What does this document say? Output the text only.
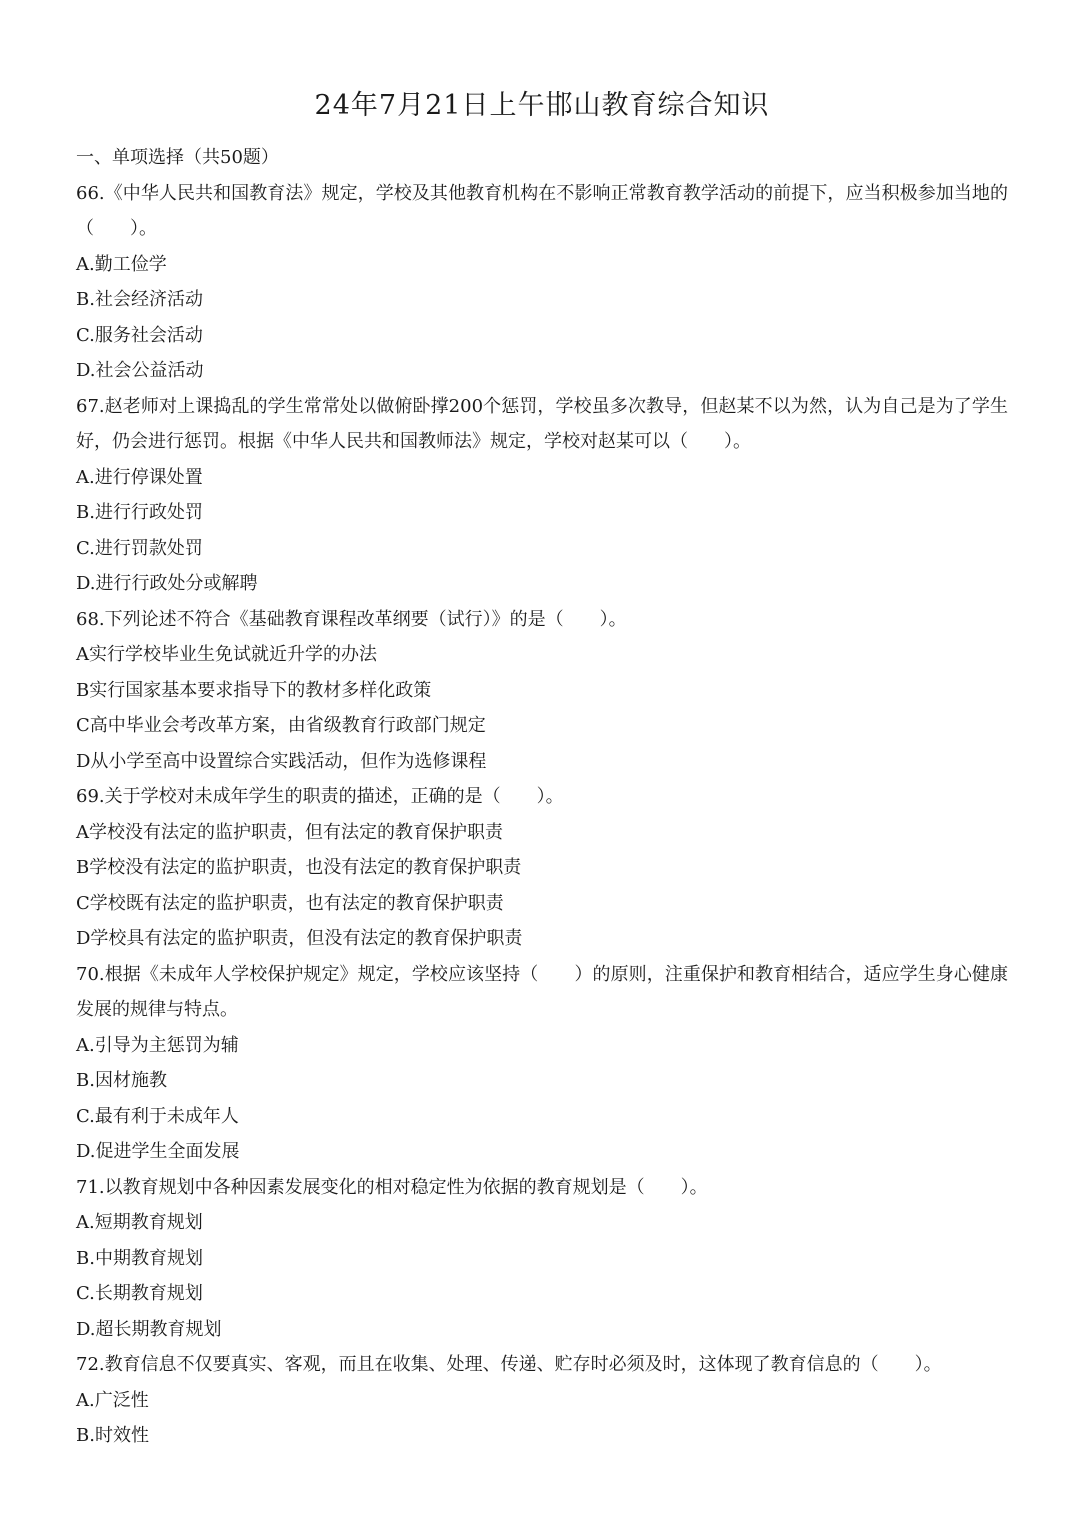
24年7月21日上午邯山教育综合知识

一、单项选择（共50题）

66.《中华人民共和国教育法》规定，学校及其他教育机构在不影响正常教育教学活动的前提下，应当积极参加当地的（　　）。

A.勤工俭学

B.社会经济活动

C.服务社会活动

D.社会公益活动

67.赵老师对上课捣乱的学生常常处以做俯卧撑200个惩罚，学校虽多次教导，但赵某不以为然，认为自己是为了学生好，仍会进行惩罚。根据《中华人民共和国教师法》规定，学校对赵某可以（　　）。

A.进行停课处置

B.进行行政处罚

C.进行罚款处罚

D.进行行政处分或解聘

68.下列论述不符合《基础教育课程改革纲要（试行）》的是（　　）。

A实行学校毕业生免试就近升学的办法

B实行国家基本要求指导下的教材多样化政策

C高中毕业会考改革方案，由省级教育行政部门规定

D从小学至高中设置综合实践活动，但作为选修课程

69.关于学校对未成年学生的职责的描述，正确的是（　　）。

A学校没有法定的监护职责，但有法定的教育保护职责

B学校没有法定的监护职责，也没有法定的教育保护职责

C学校既有法定的监护职责，也有法定的教育保护职责

D学校具有法定的监护职责，但没有法定的教育保护职责

70.根据《未成年人学校保护规定》规定，学校应该坚持（　　）的原则，注重保护和教育相结合，适应学生身心健康发展的规律与特点。

A.引导为主惩罚为辅

B.因材施教

C.最有利于未成年人

D.促进学生全面发展

71.以教育规划中各种因素发展变化的相对稳定性为依据的教育规划是（　　）。

A.短期教育规划

B.中期教育规划

C.长期教育规划

D.超长期教育规划

72.教育信息不仅要真实、客观，而且在收集、处理、传递、贮存时必须及时，这体现了教育信息的（　　）。

A.广泛性

B.时效性
